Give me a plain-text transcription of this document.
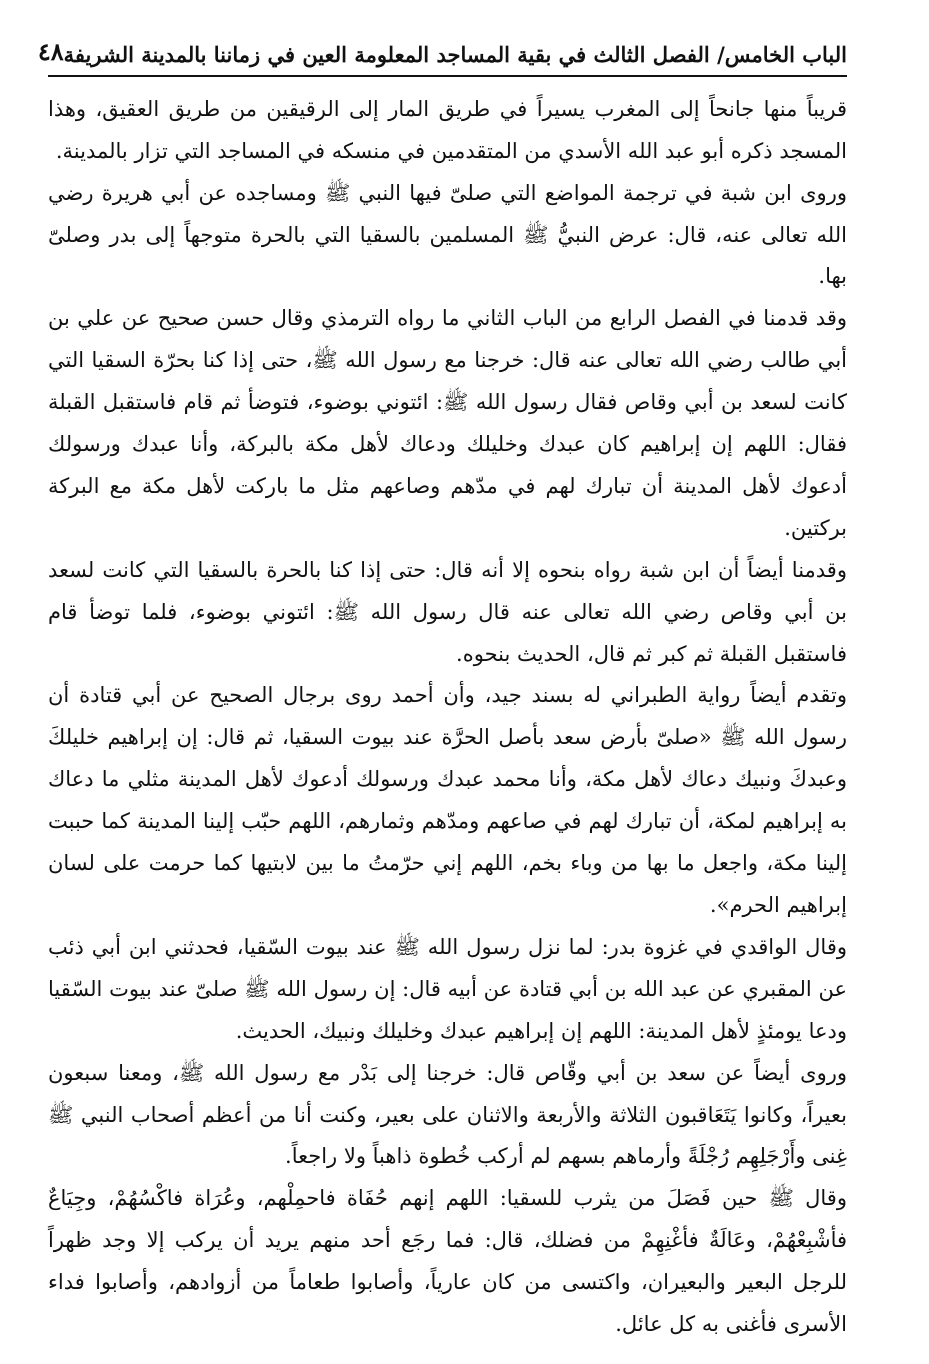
الباب الخامس/ الفصل الثالث في بقية المساجد المعلومة العين في زماننا بالمدينة الشريفة
٤٨

قريباً منها جانحاً إلى المغرب يسيراً في طريق المار إلى الرقيقين من طريق العقيق، وهذا المسجد ذكره أبو عبد الله الأسدي من المتقدمين في منسكه في المساجد التي تزار بالمدينة.

وروى ابن شبة في ترجمة المواضع التي صلىّ فيها النبي ﷺ ومساجده عن أبي هريرة رضي الله تعالى عنه، قال: عرض النبيُّ ﷺ المسلمين بالسقيا التي بالحرة متوجهاً إلى بدر وصلىّ بها.

وقد قدمنا في الفصل الرابع من الباب الثاني ما رواه الترمذي وقال حسن صحيح عن علي بن أبي طالب رضي الله تعالى عنه قال: خرجنا مع رسول الله ﷺ، حتى إذا كنا بحرّة السقيا التي كانت لسعد بن أبي وقاص فقال رسول الله ﷺ: ائتوني بوضوء، فتوضأ ثم قام فاستقبل القبلة فقال: اللهم إن إبراهيم كان عبدك وخليلك ودعاك لأهل مكة بالبركة، وأنا عبدك ورسولك أدعوك لأهل المدينة أن تبارك لهم في مدّهم وصاعهم مثل ما باركت لأهل مكة مع البركة بركتين.

وقدمنا أيضاً أن ابن شبة رواه بنحوه إلا أنه قال: حتى إذا كنا بالحرة بالسقيا التي كانت لسعد بن أبي وقاص رضي الله تعالى عنه قال رسول الله ﷺ: ائتوني بوضوء، فلما توضأ قام فاستقبل القبلة ثم كبر ثم قال، الحديث بنحوه.

وتقدم أيضاً رواية الطبراني له بسند جيد، وأن أحمد روى برجال الصحيح عن أبي قتادة أن رسول الله ﷺ «صلىّ بأرض سعد بأصل الحرَّة عند بيوت السقيا، ثم قال: إن إبراهيم خليلكَ وعبدكَ ونبيك دعاك لأهل مكة، وأنا محمد عبدك ورسولك أدعوك لأهل المدينة مثلي ما دعاك به إبراهيم لمكة، أن تبارك لهم في صاعهم ومدّهم وثمارهم، اللهم حبّب إلينا المدينة كما حببت إلينا مكة، واجعل ما بها من وباء بخم، اللهم إني حرّمتُ ما بين لابتيها كما حرمت على لسان إبراهيم الحرم».

وقال الواقدي في غزوة بدر: لما نزل رسول الله ﷺ عند بيوت السّقيا، فحدثني ابن أبي ذئب عن المقبري عن عبد الله بن أبي قتادة عن أبيه قال: إن رسول الله ﷺ صلىّ عند بيوت السّقيا ودعا يومئذٍ لأهل المدينة: اللهم إن إبراهيم عبدك وخليلك ونبيك، الحديث.

وروى أيضاً عن سعد بن أبي وقّاص قال: خرجنا إلى بَدْر مع رسول الله ﷺ، ومعنا سبعون بعيراً، وكانوا يَتَعَاقبون الثلاثة والأربعة والاثنان على بعير، وكنت أنا من أعظم أصحاب النبي ﷺ غِنى وأَرْجَلِهِم رُجْلَةً وأرماهم بسهم لم أركب خُطوة ذاهباً ولا راجعاً.

وقال ﷺ حين فَصَلَ من يثرب للسقيا: اللهم إنهم حُفَاة فاحمِلْهم، وعُرَاة فاكْسُهُمْ، وجِيَاعٌ فأشْبِعْهُمْ، وعَالَةٌ فأغْنِهِمْ من فضلك، قال: فما رجَع أحد منهم يريد أن يركب إلا وجد ظهراً للرجل البعير والبعيران، واكتسى من كان عارياً، وأصابوا طعاماً من أزوادهم، وأصابوا فداء الأسرى فأغنى به كل عائل.
